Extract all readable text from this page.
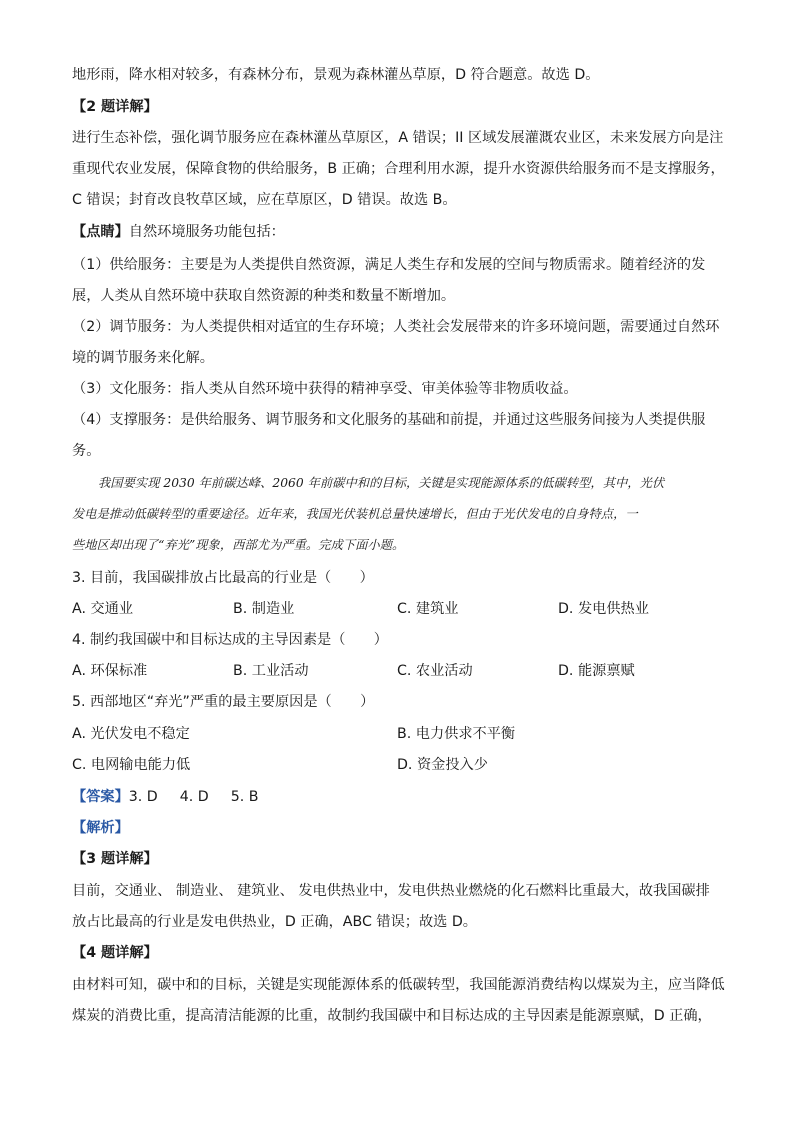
地形雨，降水相对较多，有森林分布，景观为森林灌丛草原，D 符合题意。故选 D。
【2 题详解】
进行生态补偿，强化调节服务应在森林灌丛草原区，A 错误；II 区域发展灌溉农业区，未来发展方向是注
重现代农业发展，保障食物的供给服务，B 正确；合理利用水源，提升水资源供给服务而不是支撑服务，
C 错误；封育改良牧草区域，应在草原区，D 错误。故选 B。
【点睛】自然环境服务功能包括：
（1）供给服务：主要是为人类提供自然资源，满足人类生存和发展的空间与物质需求。随着经济的发
展，人类从自然环境中获取自然资源的种类和数量不断增加。
（2）调节服务：为人类提供相对适宜的生存环境；人类社会发展带来的许多环境问题，需要通过自然环
境的调节服务来化解。
（3）文化服务：指人类从自然环境中获得的精神享受、审美体验等非物质收益。
（4）支撑服务：是供给服务、调节服务和文化服务的基础和前提，并通过这些服务间接为人类提供服
务。
我国要实现 2030 年前碳达峰、2060 年前碳中和的目标，关键是实现能源体系的低碳转型，其中，光伏
发电是推动低碳转型的重要途径。近年来，我国光伏装机总量快速增长，但由于光伏发电的自身特点，一
些地区却出现了“弃光”现象，西部尤为严重。完成下面小题。
3. 目前，我国碳排放占比最高的行业是（　　）
A. 交通业	B. 制造业	C. 建筑业	D. 发电供热业
4. 制约我国碳中和目标达成的主导因素是（　　）
A. 环保标准	B. 工业活动	C. 农业活动	D. 能源禀赋
5. 西部地区“弃光”严重的最主要原因是（　　）
A. 光伏发电不稳定	B. 电力供求不平衡
C. 电网输电能力低	D. 资金投入少
【答案】3. D 4. D 5. B
【解析】
【3 题详解】
目前，交通业、 制造业、 建筑业、 发电供热业中，发电供热业燃烧的化石燃料比重最大，故我国碳排
放占比最高的行业是发电供热业，D 正确，ABC 错误；故选 D。
【4 题详解】
由材料可知，碳中和的目标，关键是实现能源体系的低碳转型，我国能源消费结构以煤炭为主，应当降低
煤炭的消费比重，提高清洁能源的比重，故制约我国碳中和目标达成的主导因素是能源禀赋，D 正确，
